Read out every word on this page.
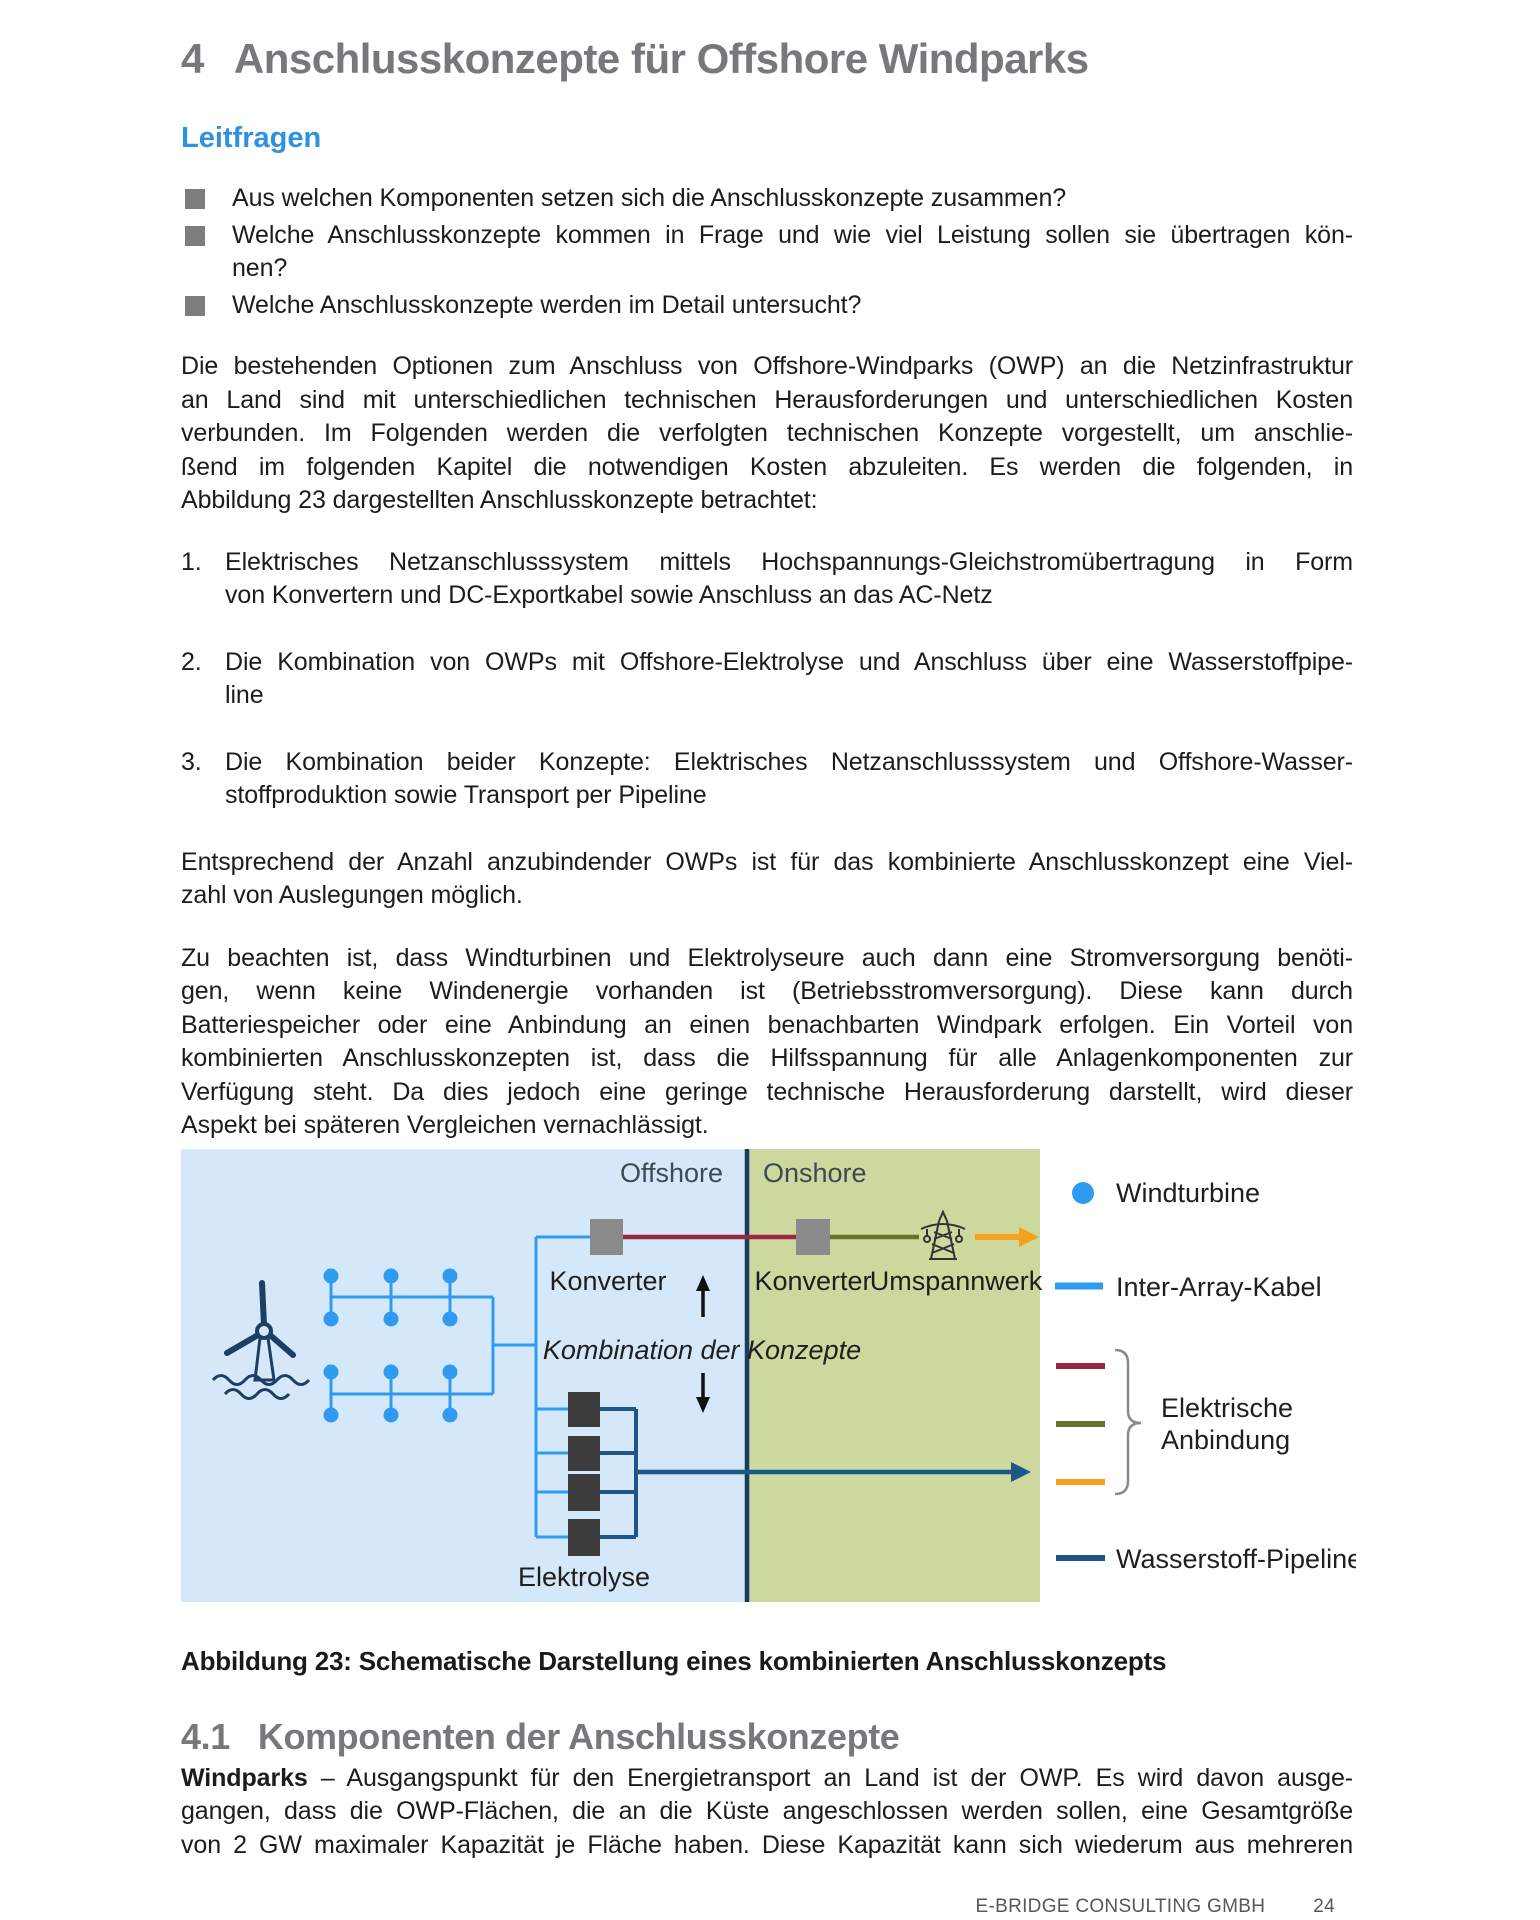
4 Anschlusskonzepte für Offshore Windparks
Leitfragen
Aus welchen Komponenten setzen sich die Anschlusskonzepte zusammen?
Welche Anschlusskonzepte kommen in Frage und wie viel Leistung sollen sie übertragen kön-
nen?
Welche Anschlusskonzepte werden im Detail untersucht?
Die bestehenden Optionen zum Anschluss von Offshore-Windparks (OWP) an die Netzinfrastruktur
an Land sind mit unterschiedlichen technischen Herausforderungen und unterschiedlichen Kosten
verbunden. Im Folgenden werden die verfolgten technischen Konzepte vorgestellt, um anschlie-
ßend im folgenden Kapitel die notwendigen Kosten abzuleiten. Es werden die folgenden, in
Abbildung 23 dargestellten Anschlusskonzepte betrachtet:
1. Elektrisches Netzanschlusssystem mittels Hochspannungs-Gleichstromübertragung in Form
von Konvertern und DC-Exportkabel sowie Anschluss an das AC-Netz
2. Die Kombination von OWPs mit Offshore-Elektrolyse und Anschluss über eine Wasserstoffpipe-
line
3. Die Kombination beider Konzepte: Elektrisches Netzanschlusssystem und Offshore-Wasser-
stoffproduktion sowie Transport per Pipeline
Entsprechend der Anzahl anzubindender OWPs ist für das kombinierte Anschlusskonzept eine Viel-
zahl von Auslegungen möglich.
Zu beachten ist, dass Windturbinen und Elektrolyseure auch dann eine Stromversorgung benöti-
gen, wenn keine Windenergie vorhanden ist (Betriebsstromversorgung). Diese kann durch
Batteriespeicher oder eine Anbindung an einen benachbarten Windpark erfolgen. Ein Vorteil von
kombinierten Anschlusskonzepten ist, dass die Hilfsspannung für alle Anlagenkomponenten zur
Verfügung steht. Da dies jedoch eine geringe technische Herausforderung darstellt, wird dieser
Aspekt bei späteren Vergleichen vernachlässigt.
Offshore Onshore
Konverter	Konverter
Umspannwerk
Kombination der Konzepte
Elektrolyse
Windturbine
Inter-Array-Kabel
Elektrische
Anbindung
Wasserstoff-Pipeline
Abbildung 23: Schematische Darstellung eines kombinierten Anschlusskonzepts
4.1 Komponenten der Anschlusskonzepte
Windparks – Ausgangspunkt für den Energietransport an Land ist der OWP. Es wird davon ausge-
gangen, dass die OWP-Flächen, die an die Küste angeschlossen werden sollen, eine Gesamtgröße
von 2 GW maximaler Kapazität je Fläche haben. Diese Kapazität kann sich wiederum aus mehreren
E-BRIDGE CONSULTING GMBH	24
